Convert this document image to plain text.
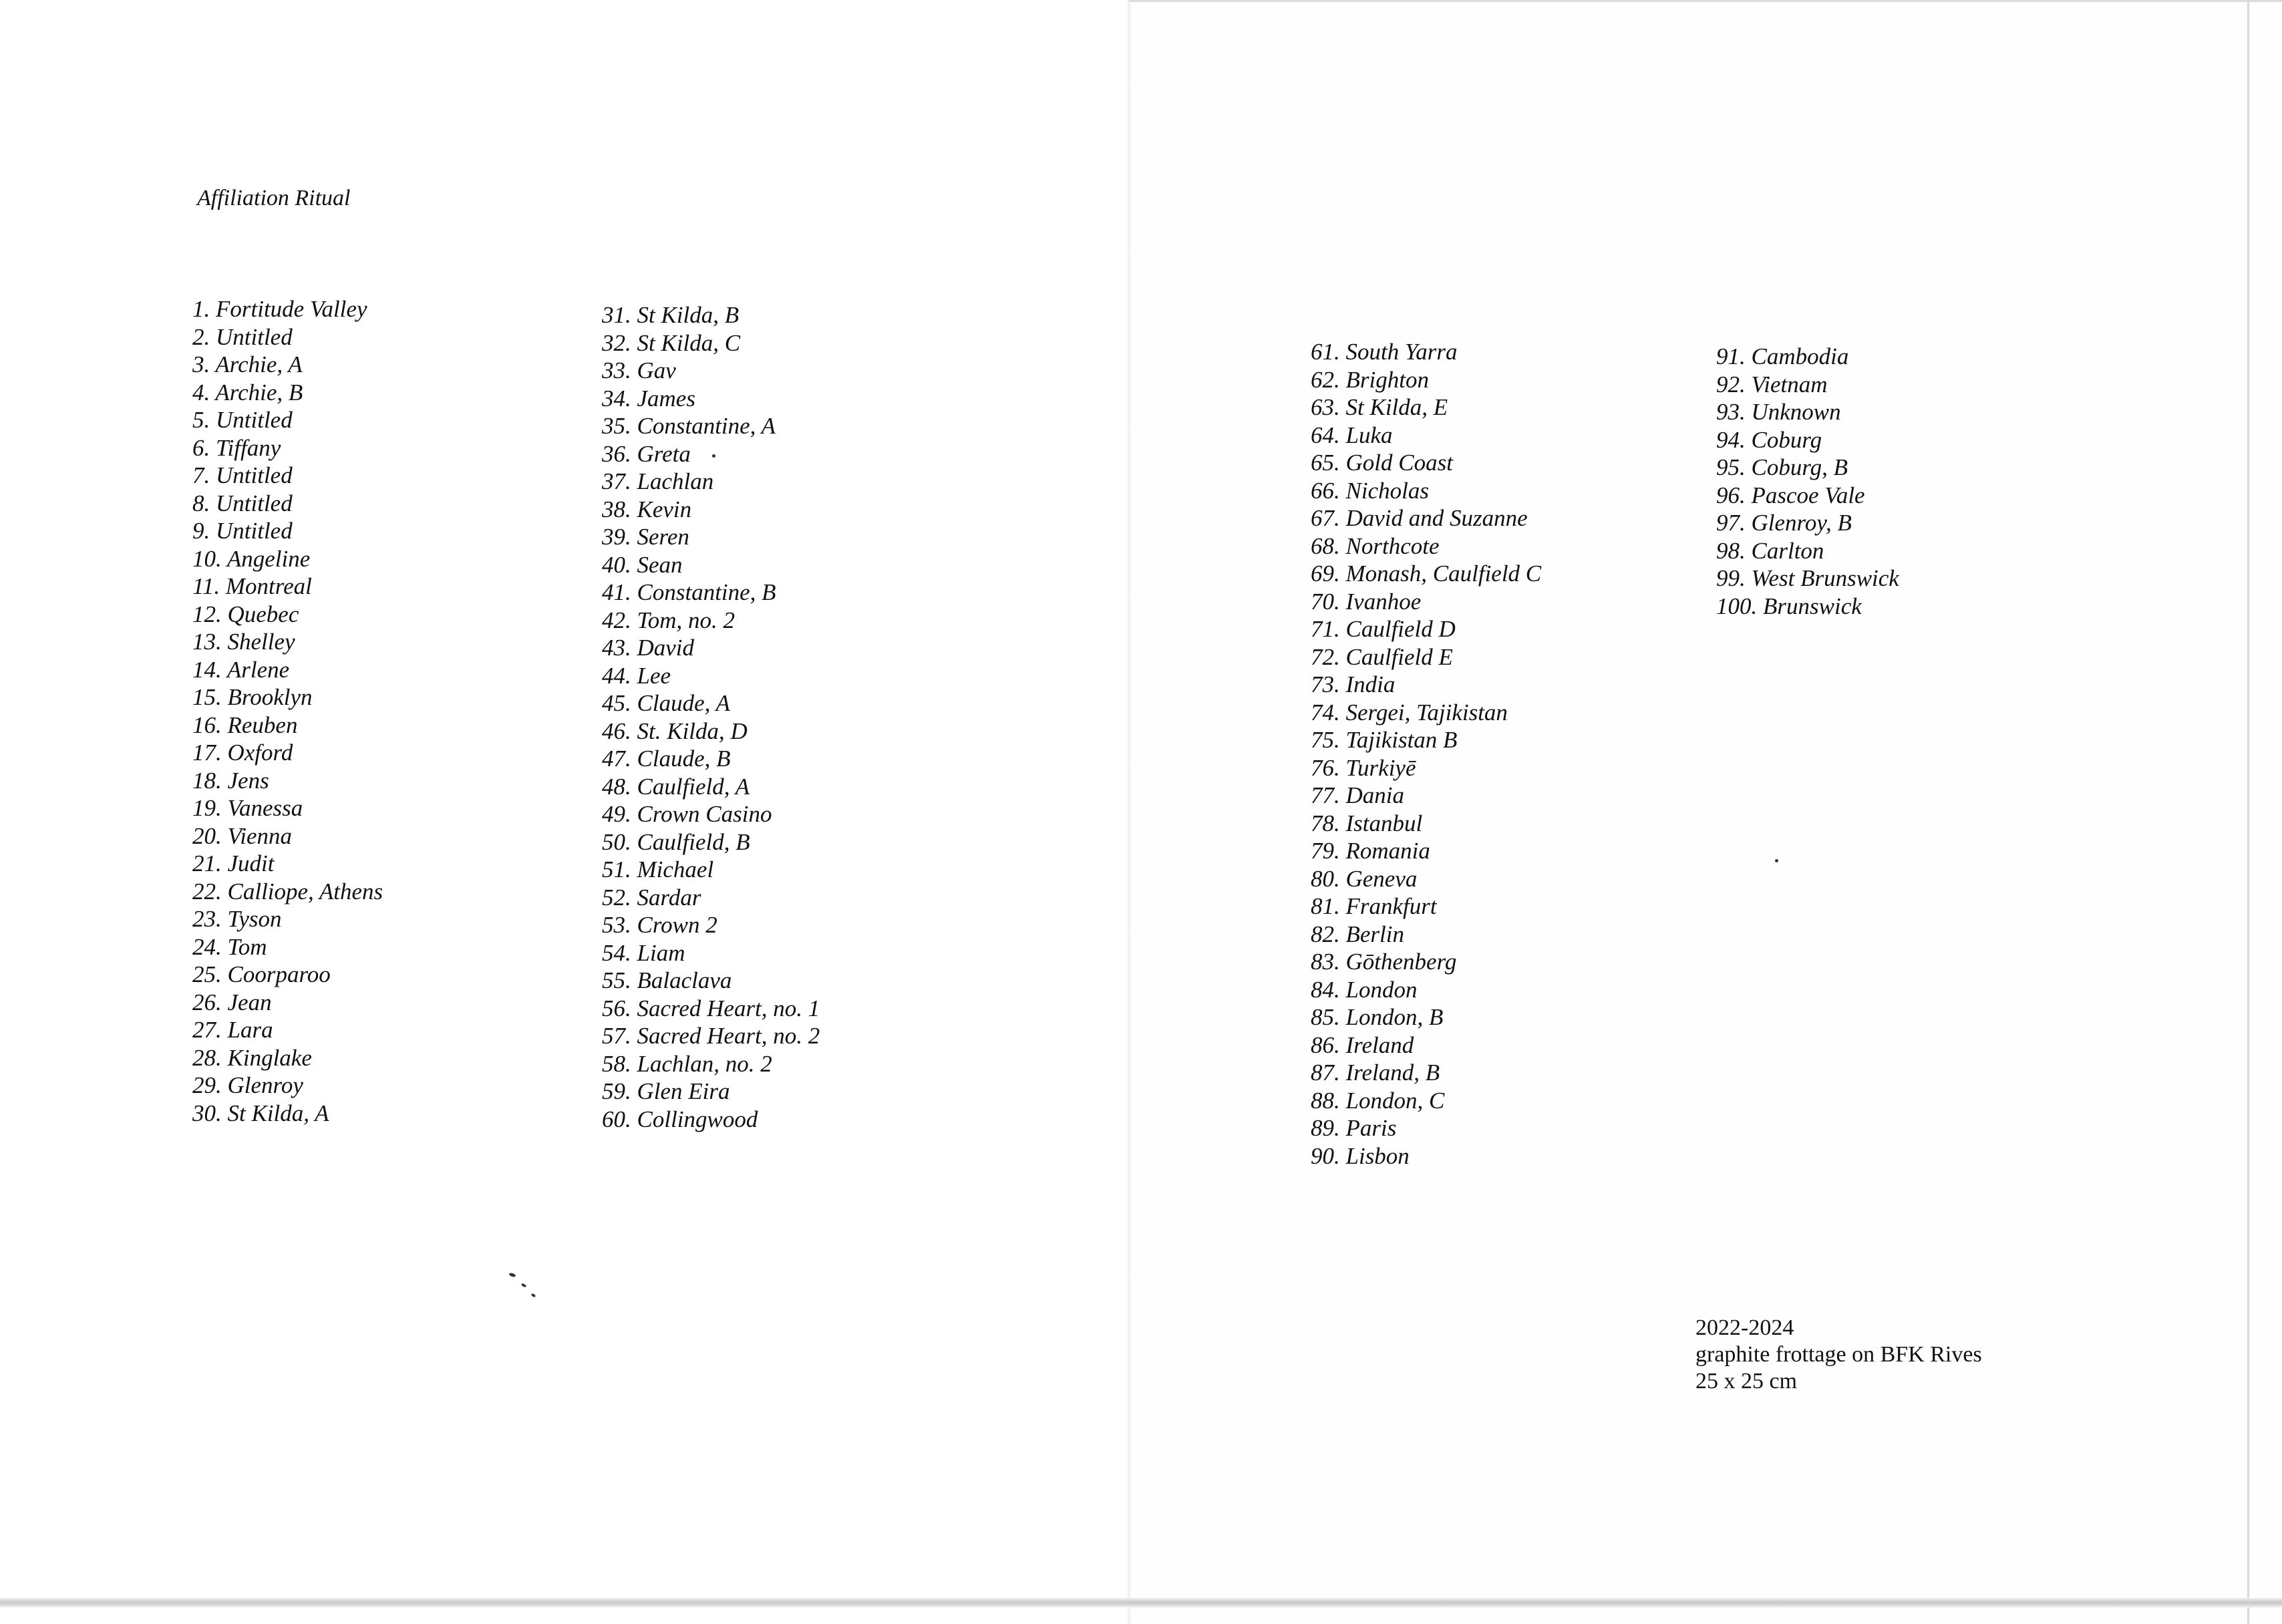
Affiliation Ritual
1. Fortitude Valley
2. Untitled
3. Archie, A
4. Archie, B
5. Untitled
6. Tiffany
7. Untitled
8. Untitled
9. Untitled
10. Angeline
11. Montreal
12. Quebec
13. Shelley
14. Arlene
15. Brooklyn
16. Reuben
17. Oxford
18. Jens
19. Vanessa
20. Vienna
21. Judit
22. Calliope, Athens
23. Tyson
24. Tom
25. Coorparoo
26. Jean
27. Lara
28. Kinglake
29. Glenroy
30. St Kilda, A
31. St Kilda, B
32. St Kilda, C
33. Gav
34. James
35. Constantine, A
36. Greta
37. Lachlan
38. Kevin
39. Seren
40. Sean
41. Constantine, B
42. Tom, no. 2
43. David
44. Lee
45. Claude, A
46. St. Kilda, D
47. Claude, B
48. Caulfield, A
49. Crown Casino
50. Caulfield, B
51. Michael
52. Sardar
53. Crown 2
54. Liam
55. Balaclava
56. Sacred Heart, no. 1
57. Sacred Heart, no. 2
58. Lachlan, no. 2
59. Glen Eira
60. Collingwood
61. South Yarra
62. Brighton
63. St Kilda, E
64. Luka
65. Gold Coast
66. Nicholas
67. David and Suzanne
68. Northcote
69. Monash, Caulfield C
70. Ivanhoe
71. Caulfield D
72. Caulfield E
73. India
74. Sergei, Tajikistan
75. Tajikistan B
76. Turkiyē
77. Dania
78. Istanbul
79. Romania
80. Geneva
81. Frankfurt
82. Berlin
83. Gōthenberg
84. London
85. London, B
86. Ireland
87. Ireland, B
88. London, C
89. Paris
90. Lisbon
91. Cambodia
92. Vietnam
93. Unknown
94. Coburg
95. Coburg, B
96. Pascoe Vale
97. Glenroy, B
98. Carlton
99. West Brunswick
100. Brunswick
2022-2024
graphite frottage on BFK Rives
25 x 25 cm
